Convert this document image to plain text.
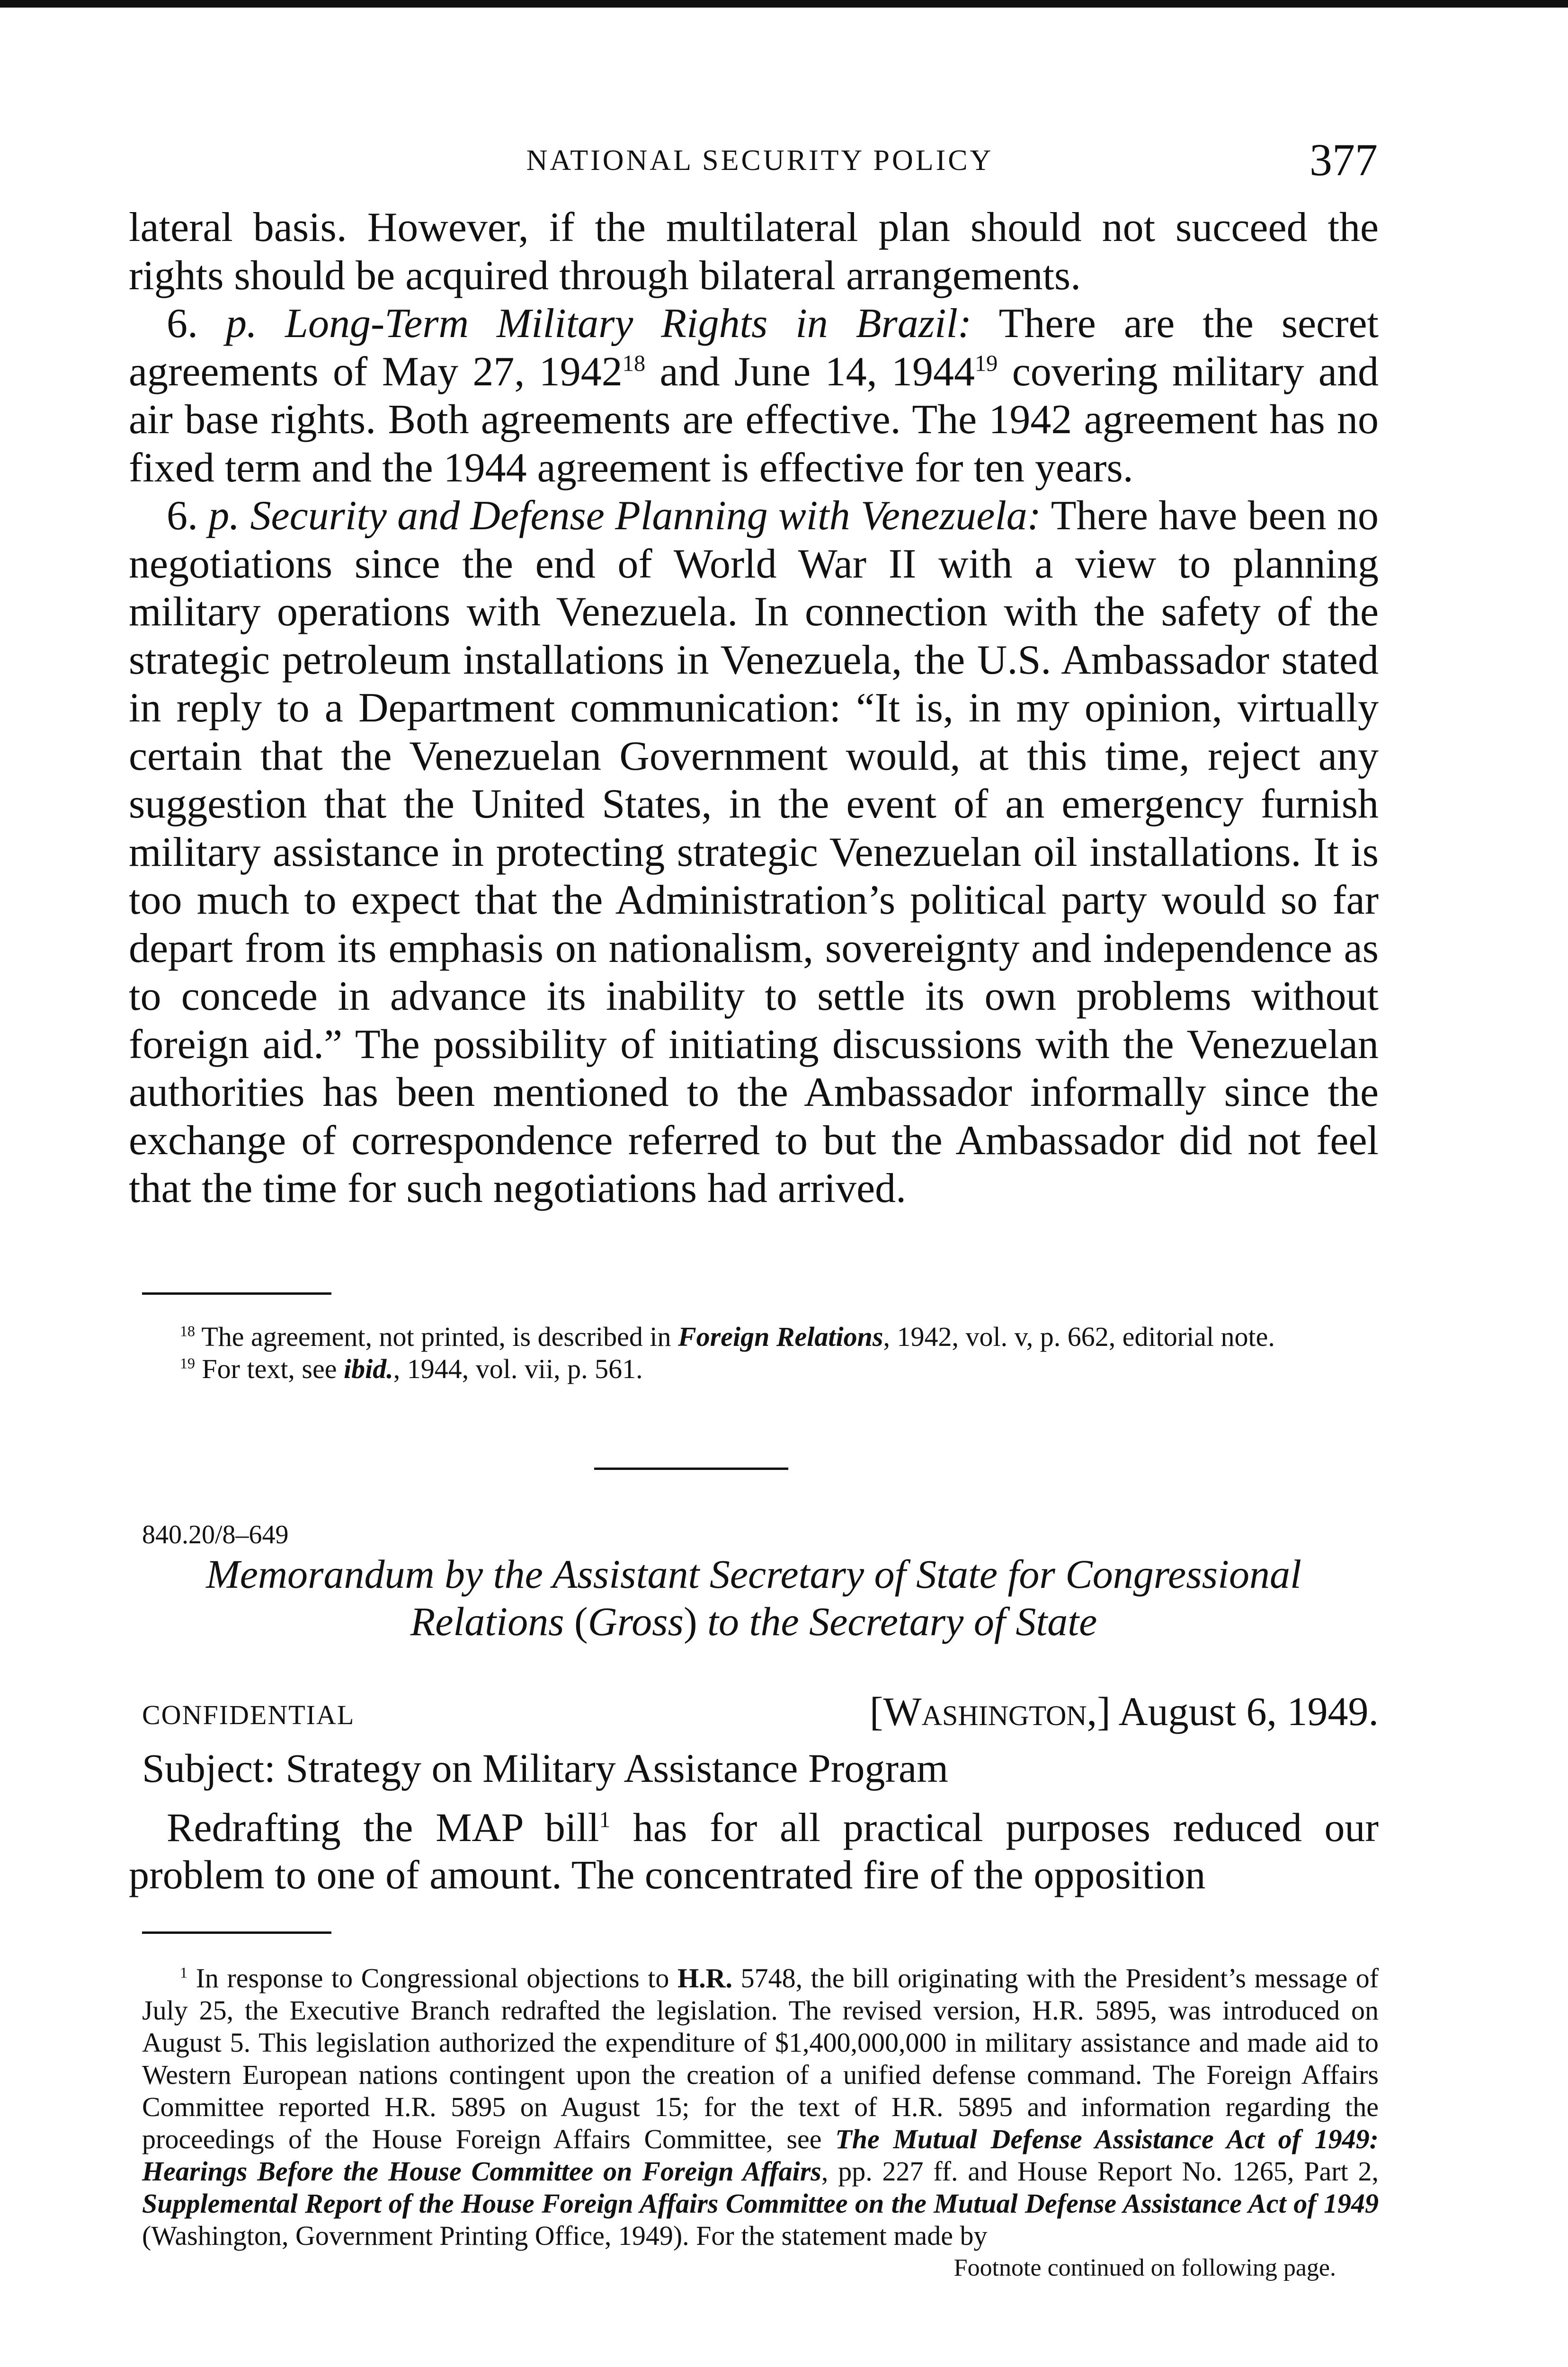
NATIONAL SECURITY POLICY	377

lateral basis. However, if the multilateral plan should not succeed the rights should be acquired through bilateral arrangements.

6. p. Long-Term Military Rights in Brazil: There are the secret agreements of May 27, 1942$^{18}$ and June 14, 1944$^{19}$ covering military and air base rights. Both agreements are effective. The 1942 agreement has no fixed term and the 1944 agreement is effective for ten years.

6. p. Security and Defense Planning with Venezuela: There have been no negotiations since the end of World War II with a view to planning military operations with Venezuela. In connection with the safety of the strategic petroleum installations in Venezuela, the U.S. Ambassador stated in reply to a Department communication: “It is, in my opinion, virtually certain that the Venezuelan Government would, at this time, reject any suggestion that the United States, in the event of an emergency furnish military assistance in protecting strategic Venezuelan oil installations. It is too much to expect that the Administration’s political party would so far depart from its emphasis on nationalism, sovereignty and independence as to concede in advance its inability to settle its own problems without foreign aid.” The possibility of initiating discussions with the Venezuelan authorities has been mentioned to the Ambassador informally since the exchange of correspondence referred to but the Ambassador did not feel that the time for such negotiations had arrived.

$^{18}$ The agreement, not printed, is described in Foreign Relations, 1942, vol. v, p. 662, editorial note.

$^{19}$ For text, see ibid., 1944, vol. vii, p. 561.

840.20/8–649
Memorandum by the Assistant Secretary of State for Congressional
Relations (Gross) to the Secretary of State
CONFIDENTIAL	[Washington,] August 6, 1949.
Subject: Strategy on Military Assistance Program

Redrafting the MAP bill$^1$ has for all practical purposes reduced our problem to one of amount. The concentrated fire of the opposition

$^1$ In response to Congressional objections to H.R. 5748, the bill originating with the President’s message of July 25, the Executive Branch redrafted the legislation. The revised version, H.R. 5895, was introduced on August 5. This legislation authorized the expenditure of $1,400,000,000 in military assistance and made aid to Western European nations contingent upon the creation of a unified defense command. The Foreign Affairs Committee reported H.R. 5895 on August 15; for the text of H.R. 5895 and information regarding the proceedings of the House Foreign Affairs Committee, see The Mutual Defense Assistance Act of 1949: Hearings Before the House Committee on Foreign Affairs, pp. 227 ff. and House Report No. 1265, Part 2, Supplemental Report of the House Foreign Affairs Committee on the Mutual Defense Assistance Act of 1949 (Washington, Government Printing Office, 1949). For the statement made by

Footnote continued on following page.
